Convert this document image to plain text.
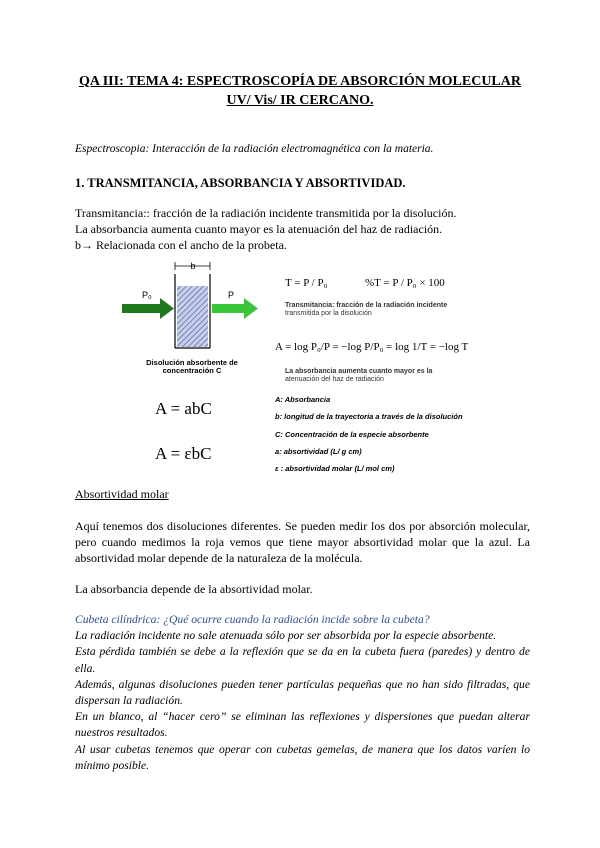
QA III: TEMA 4: ESPECTROSCOPÍA DE ABSORCIÓN MOLECULAR
UV/ Vis/ IR CERCANO.
Espectroscopia: Interacción de la radiación electromagnética con la materia.
1. TRANSMITANCIA, ABSORBANCIA Y ABSORTIVIDAD.
Transmitancia:: fracción de la radiación incidente transmitida por la disolución.
La absorbancia aumenta cuanto mayor es la atenuación del haz de radiación.
b→ Relacionada con el ancho de la probeta.
b
P₀	P
Disolución absorbente de
concentración C
T = P / P₀	%T = P / P₀ × 100
Transmitancia: fracción de la radiación incidente
transmitida por la disolución
A = log P₀/P = −log P/P₀ = log 1/T = −log T
La absorbancia aumenta cuanto mayor es la
atenuación del haz de radiación
A = abC
A = εbC
A: Absorbancia
b: longitud de la trayectoria a través de la disolución
C: Concentración de la especie absorbente
a: absortividad (L/ g cm)
ε : absortividad molar (L/ mol cm)
Absortividad molar
Aquí tenemos dos disoluciones diferentes. Se pueden medir los dos por absorción molecular, pero cuando medimos la roja vemos que tiene mayor absortividad molar que la azul. La absortividad molar depende de la naturaleza de la molécula.
La absorbancia depende de la absortividad molar.
Cubeta cilíndrica: ¿Qué ocurre cuando la radiación incide sobre la cubeta?
La radiación incidente no sale atenuada sólo por ser absorbida por la especie absorbente.
Esta pérdida también se debe a la reflexión que se da en la cubeta fuera (paredes) y dentro de ella.
Además, algunas disoluciones pueden tener partículas pequeñas que no han sido filtradas, que dispersan la radiación.
En un blanco, al “hacer cero” se eliminan las reflexiones y dispersiones que puedan alterar nuestros resultados.
Al usar cubetas tenemos que operar con cubetas gemelas, de manera que los datos varíen lo mínimo posible.
